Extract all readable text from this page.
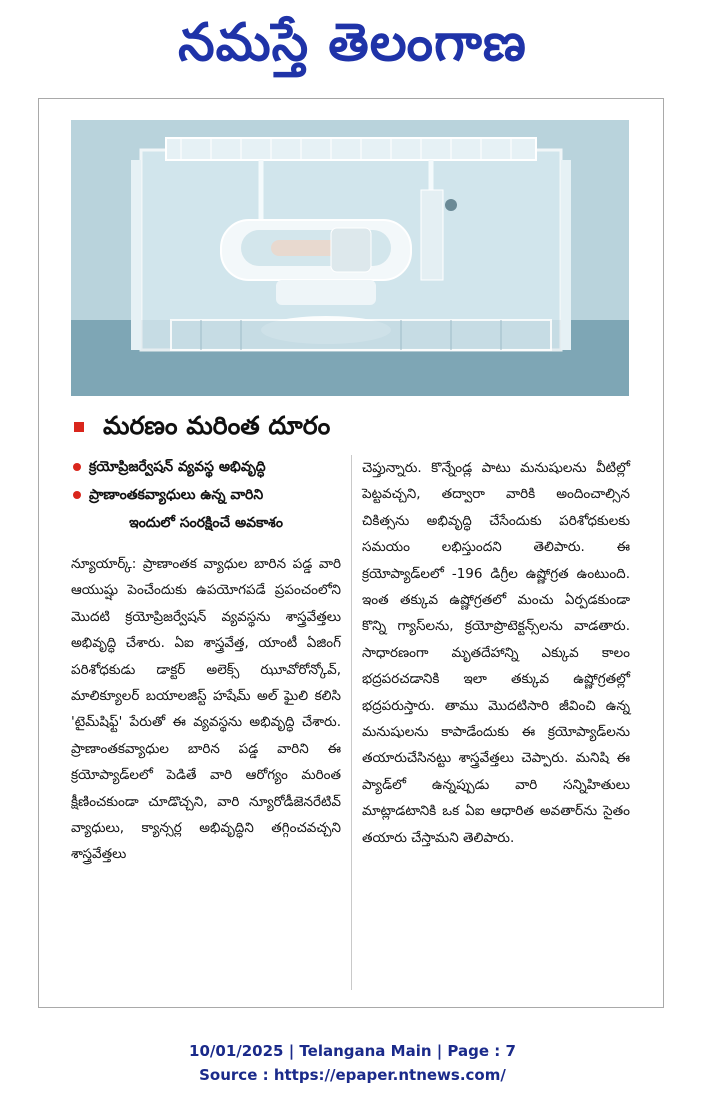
నమస్తే తెలంగాణ
మరణం మరింత దూరం
క్రయోప్రిజర్వేషన్ వ్యవస్థ అభివృద్ధి
ప్రాణాంతకవ్యాధులు ఉన్న వారిని
ఇందులో సంరక్షించే అవకాశం
న్యూయార్క్: ప్రాణాంతక వ్యాధుల బారిన పడ్డ వారి ఆయుష్షు పెంచేందుకు ఉపయోగపడే ప్రపంచంలోని మొదటి క్రయోప్రిజర్వేషన్ వ్యవస్థను శాస్త్రవేత్తలు అభివృద్ధి చేశారు. ఏఐ శాస్త్రవేత్త, యాంటీ ఏజింగ్ పరిశోధకుడు డాక్టర్ అలెక్స్ ఝూవోరోన్కోవ్, మాలిక్యూలర్ బయాలజిస్ట్ హషేమ్ అల్ ఘైలి కలిసి 'టైమ్‌షిఫ్ట్' పేరుతో ఈ వ్యవస్థను అభివృద్ధి చేశారు. ప్రాణాంతకవ్యాధుల బారిన పడ్డ వారిని ఈ క్రయోప్యాడ్‌లలో పెడితే వారి ఆరోగ్యం మరింత క్షీణించకుండా చూడొచ్చని, వారి న్యూరోడీజెనరేటివ్ వ్యాధులు, క్యాన్సర్ల అభివృద్ధిని తగ్గించవచ్చని శాస్త్రవేత్తలు
చెప్తున్నారు. కొన్నేండ్ల పాటు మనుషులను వీటిల్లో పెట్టవచ్చని, తద్వారా వారికి అందించాల్సిన చికిత్సను అభివృద్ధి చేసేందుకు పరిశోధకులకు సమయం లభిస్తుందని తెలిపారు. ఈ క్రయోప్యాడ్‌లలో -196 డిగ్రీల ఉష్ణోగ్రత ఉంటుంది. ఇంత తక్కువ ఉష్ణోగ్రతలో మంచు ఏర్పడకుండా కొన్ని గ్యాస్‌లను, క్రయోప్రొటెక్టన్స్‌లను వాడతారు. సాధారణంగా మృతదేహాన్ని ఎక్కువ కాలం భద్రపరచడానికి ఇలా తక్కువ ఉష్ణోగ్రతల్లో భద్రపరుస్తారు. తాము మొదటిసారి జీవించి ఉన్న మనుషులను కాపాడేందుకు ఈ క్రయోప్యాడ్‌లను తయారుచేసినట్టు శాస్త్రవేత్తలు చెప్పారు. మనిషి ఈ ప్యాడ్‌లో ఉన్నప్పుడు వారి సన్నిహితులు మాట్లాడటానికి ఒక ఏఐ ఆధారిత అవతార్‌ను సైతం తయారు చేస్తామని తెలిపారు.
10/01/2025 | Telangana Main | Page : 7
Source : https://epaper.ntnews.com/
